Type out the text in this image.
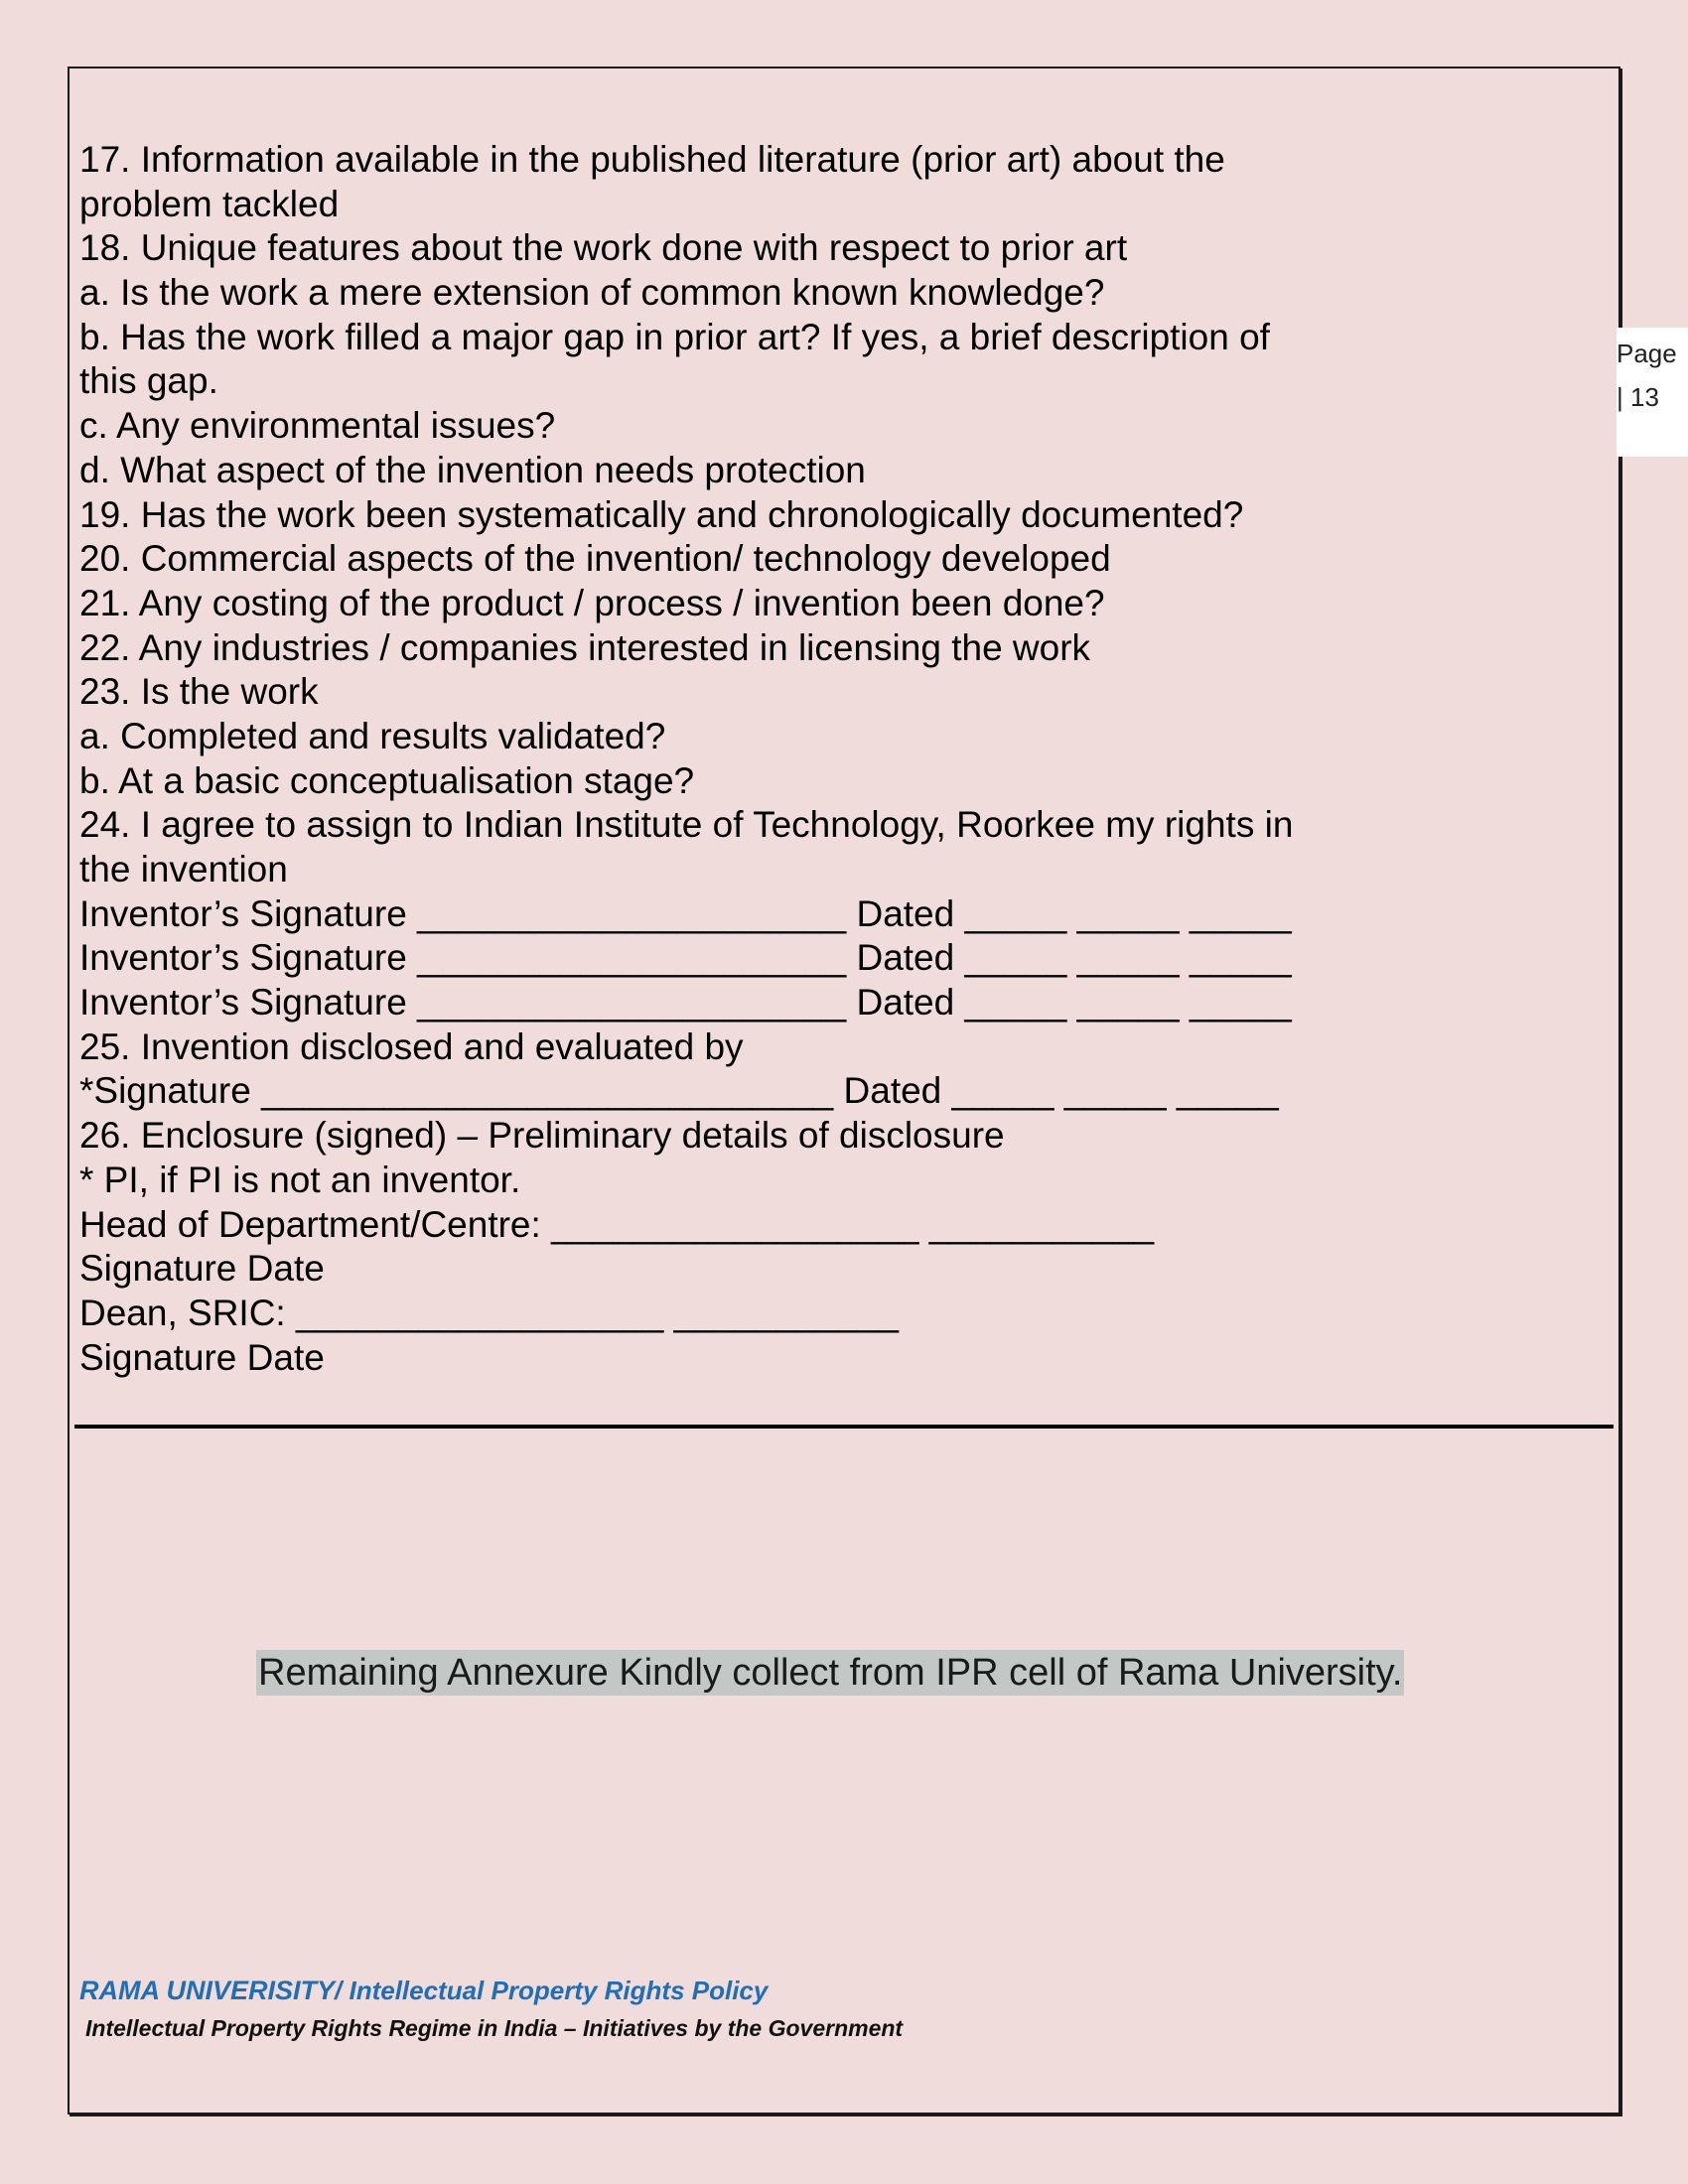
Page
| 13
17. Information available in the published literature (prior art) about the
problem tackled
18. Unique features about the work done with respect to prior art
a. Is the work a mere extension of common known knowledge?
b. Has the work filled a major gap in prior art? If yes, a brief description of
this gap.
c. Any environmental issues?
d. What aspect of the invention needs protection
19. Has the work been systematically and chronologically documented?
20. Commercial aspects of the invention/ technology developed
21. Any costing of the product / process / invention been done?
22. Any industries / companies interested in licensing the work
23. Is the work
a. Completed and results validated?
b. At a basic conceptualisation stage?
24. I agree to assign to Indian Institute of Technology, Roorkee my rights in
the invention
Inventor’s Signature _____________________ Dated _____ _____ _____
Inventor’s Signature _____________________ Dated _____ _____ _____
Inventor’s Signature _____________________ Dated _____ _____ _____
25. Invention disclosed and evaluated by
*Signature ____________________________ Dated _____ _____ _____
26. Enclosure (signed) – Preliminary details of disclosure
* PI, if PI is not an inventor.
Head of Department/Centre: __________________ ___________
Signature Date
Dean, SRIC: __________________ ___________
Signature Date
Remaining Annexure Kindly collect from IPR cell of Rama University.
RAMA UNIVERISITY/ Intellectual Property Rights Policy
Intellectual Property Rights Regime in India – Initiatives by the Government
